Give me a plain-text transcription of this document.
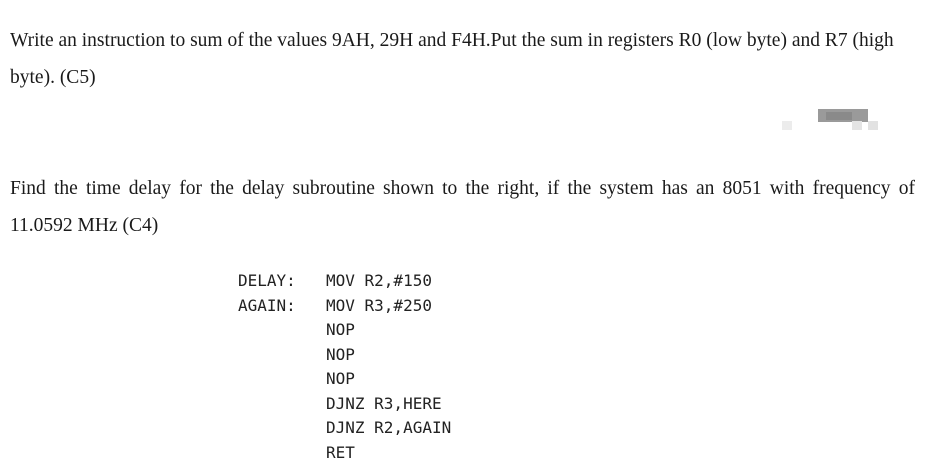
Write an instruction to sum of the values 9AH, 29H and F4H.Put the sum in registers R0 (low byte) and R7 (high byte). (C5)
Find the time delay for the delay subroutine shown to the right, if the system has an 8051 with frequency of 11.0592 MHz (C4)
DELAY:	MOV R2,#150
AGAIN:	MOV R3,#250
NOP
NOP
NOP
DJNZ R3,HERE
DJNZ R2,AGAIN
RET
